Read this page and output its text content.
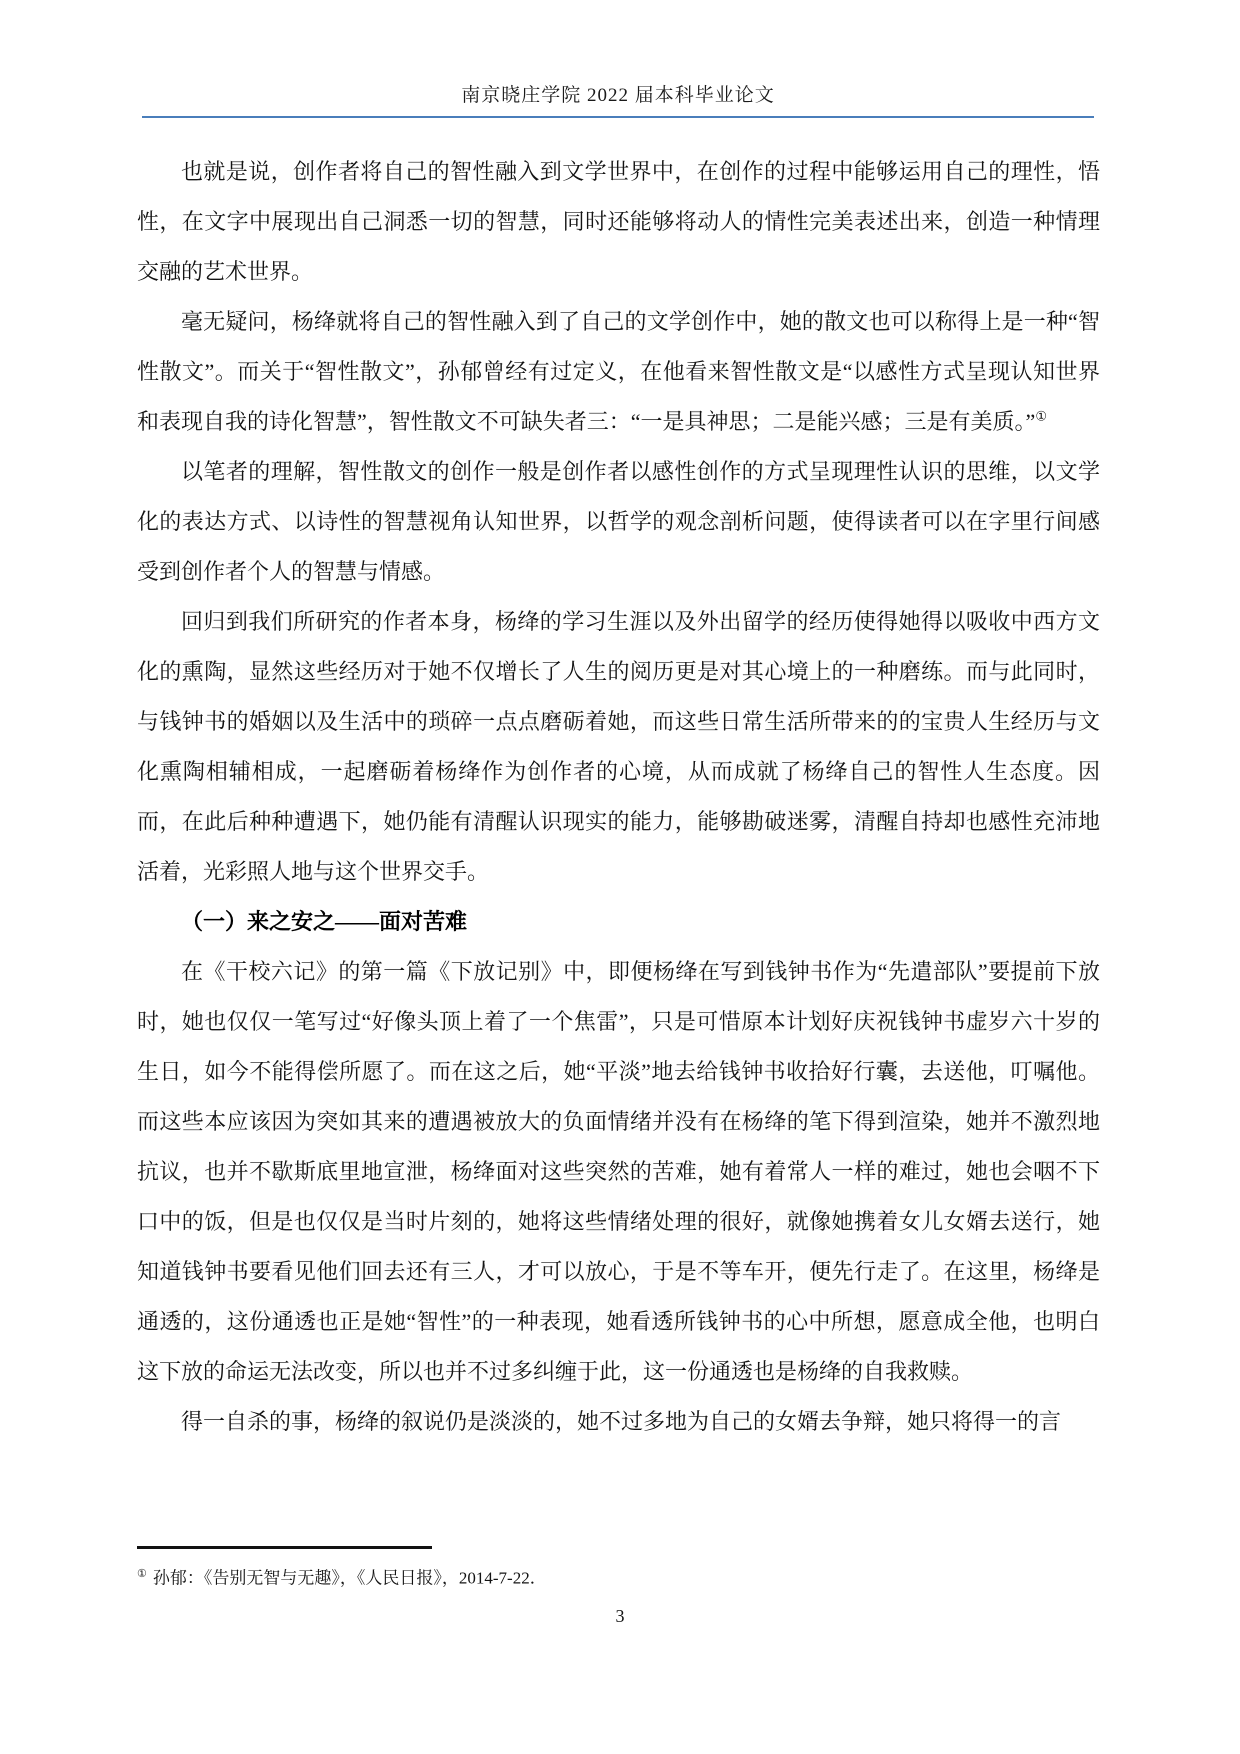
南京晓庄学院 2022 届本科毕业论文

也就是说，创作者将自己的智性融入到文学世界中，在创作的过程中能够运用自己的理性，悟性，在文字中展现出自己洞悉一切的智慧，同时还能够将动人的情性完美表述出来，创造一种情理交融的艺术世界。

毫无疑问，杨绛就将自己的智性融入到了自己的文学创作中，她的散文也可以称得上是一种“智性散文”。而关于“智性散文”，孙郁曾经有过定义，在他看来智性散文是“以感性方式呈现认知世界和表现自我的诗化智慧”，智性散文不可缺失者三：“一是具神思；二是能兴感；三是有美质。”①

以笔者的理解，智性散文的创作一般是创作者以感性创作的方式呈现理性认识的思维，以文学化的表达方式、以诗性的智慧视角认知世界，以哲学的观念剖析问题，使得读者可以在字里行间感受到创作者个人的智慧与情感。

回归到我们所研究的作者本身，杨绛的学习生涯以及外出留学的经历使得她得以吸收中西方文化的熏陶，显然这些经历对于她不仅增长了人生的阅历更是对其心境上的一种磨练。而与此同时，与钱钟书的婚姻以及生活中的琐碎一点点磨砺着她，而这些日常生活所带来的的宝贵人生经历与文化熏陶相辅相成，一起磨砺着杨绛作为创作者的心境，从而成就了杨绛自己的智性人生态度。因而，在此后种种遭遇下，她仍能有清醒认识现实的能力，能够勘破迷雾，清醒自持却也感性充沛地活着，光彩照人地与这个世界交手。

（一）来之安之——面对苦难

在《干校六记》的第一篇《下放记别》中，即便杨绛在写到钱钟书作为“先遣部队”要提前下放时，她也仅仅一笔写过“好像头顶上着了一个焦雷”，只是可惜原本计划好庆祝钱钟书虚岁六十岁的生日，如今不能得偿所愿了。而在这之后，她“平淡”地去给钱钟书收拾好行囊，去送他，叮嘱他。而这些本应该因为突如其来的遭遇被放大的负面情绪并没有在杨绛的笔下得到渲染，她并不激烈地抗议，也并不歇斯底里地宣泄，杨绛面对这些突然的苦难，她有着常人一样的难过，她也会咽不下口中的饭，但是也仅仅是当时片刻的，她将这些情绪处理的很好，就像她携着女儿女婿去送行，她知道钱钟书要看见他们回去还有三人，才可以放心，于是不等车开，便先行走了。在这里，杨绛是通透的，这份通透也正是她“智性”的一种表现，她看透所钱钟书的心中所想，愿意成全他，也明白这下放的命运无法改变，所以也并不过多纠缠于此，这一份通透也是杨绛的自我救赎。

得一自杀的事，杨绛的叙说仍是淡淡的，她不过多地为自己的女婿去争辩，她只将得一的言

① 孙郁：《告别无智与无趣》，《人民日报》，2014-7-22．
3
